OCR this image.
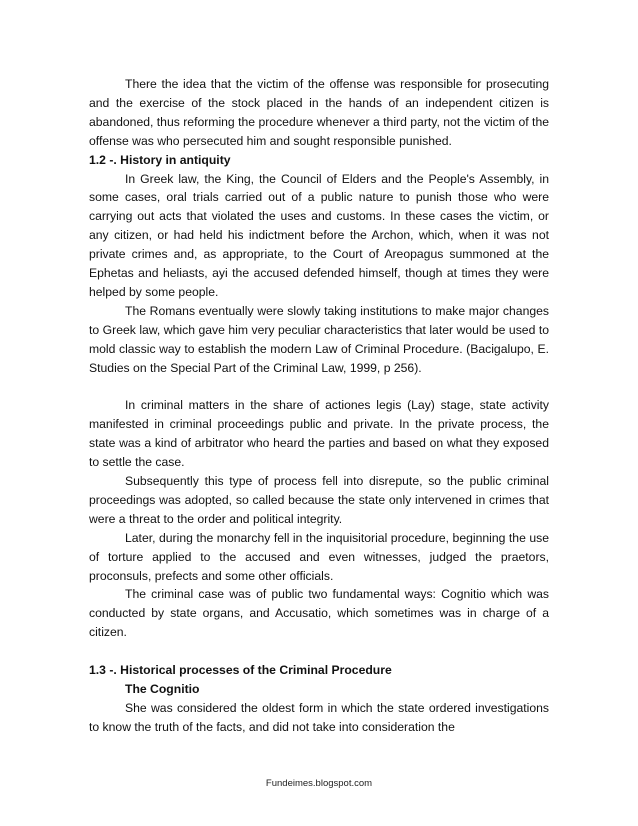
There the idea that the victim of the offense was responsible for prosecuting and the exercise of the stock placed in the hands of an independent citizen is abandoned, thus reforming the procedure whenever a third party, not the victim of the offense was who persecuted him and sought responsible punished.

1.2 -. History in antiquity

In Greek law, the King, the Council of Elders and the People's Assembly, in some cases, oral trials carried out of a public nature to punish those who were carrying out acts that violated the uses and customs. In these cases the victim, or any citizen, or had held his indictment before the Archon, which, when it was not private crimes and, as appropriate, to the Court of Areopagus summoned at the Ephetas and heliasts, ayi the accused defended himself, though at times they were helped by some people.

The Romans eventually were slowly taking institutions to make major changes to Greek law, which gave him very peculiar characteristics that later would be used to mold classic way to establish the modern Law of Criminal Procedure. (Bacigalupo, E. Studies on the Special Part of the Criminal Law, 1999, p 256).

In criminal matters in the share of actiones legis (Lay) stage, state activity manifested in criminal proceedings public and private. In the private process, the state was a kind of arbitrator who heard the parties and based on what they exposed to settle the case.

Subsequently this type of process fell into disrepute, so the public criminal proceedings was adopted, so called because the state only intervened in crimes that were a threat to the order and political integrity.

Later, during the monarchy fell in the inquisitorial procedure, beginning the use of torture applied to the accused and even witnesses, judged the praetors, proconsuls, prefects and some other officials.

The criminal case was of public two fundamental ways: Cognitio which was conducted by state organs, and Accusatio, which sometimes was in charge of a citizen.

1.3 -. Historical processes of the Criminal Procedure
The Cognitio

She was considered the oldest form in which the state ordered investigations to know the truth of the facts, and did not take into consideration the

Fundeimes.blogspot.com
